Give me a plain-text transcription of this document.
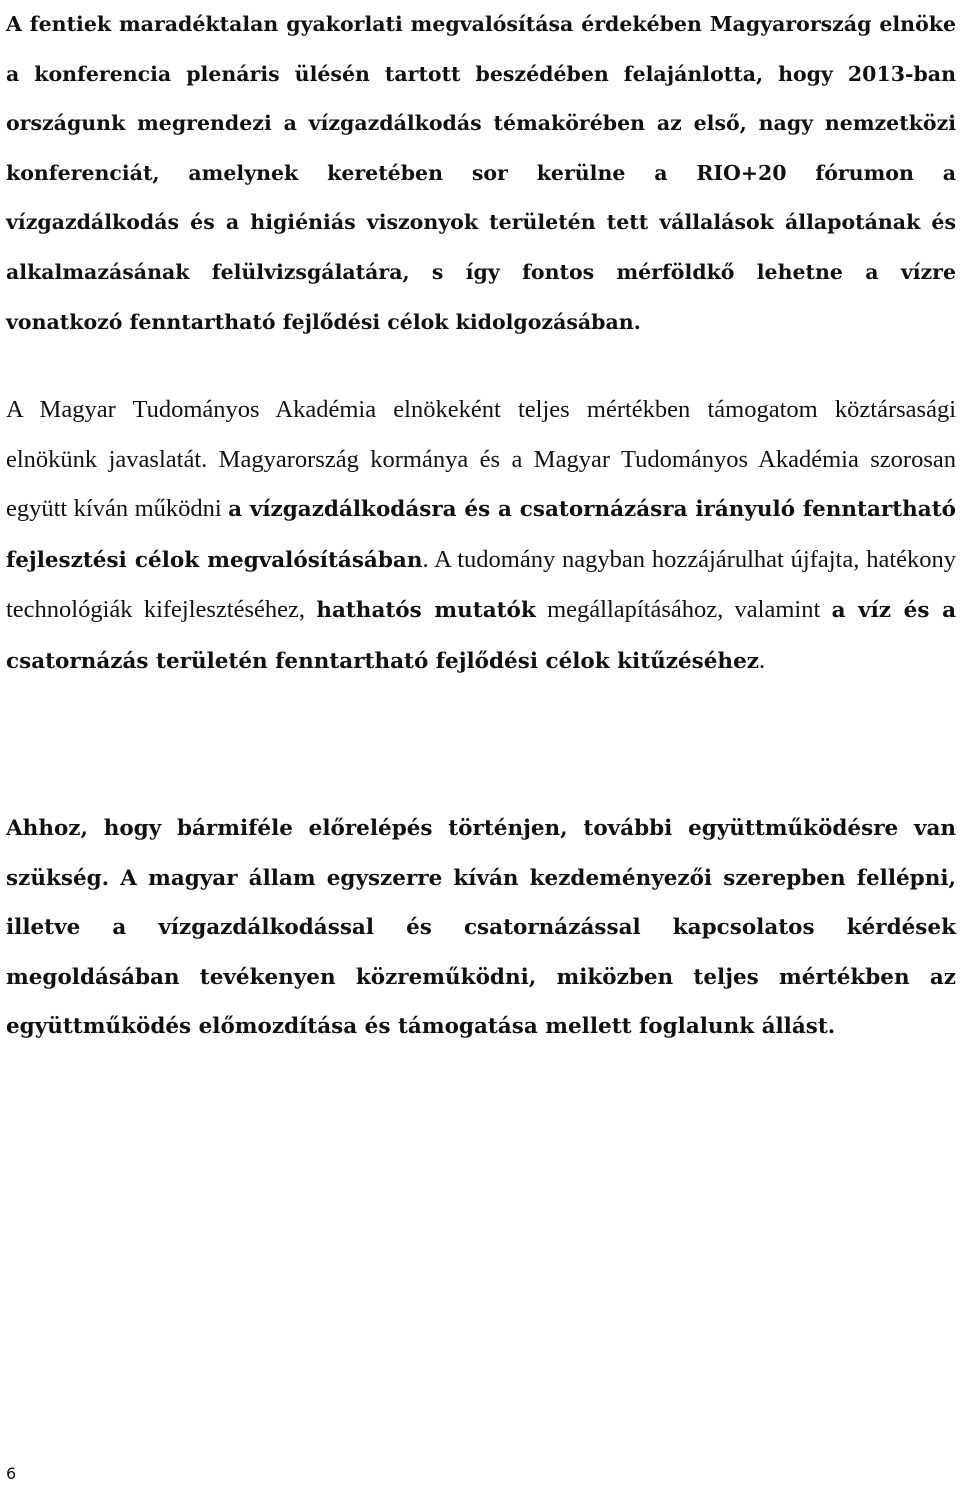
A fentiek maradéktalan gyakorlati megvalósítása érdekében Magyarország elnöke a konferencia plenáris ülésén tartott beszédében felajánlotta, hogy 2013-ban országunk megrendezi a vízgazdálkodás témakörében az első, nagy nemzetközi konferenciát, amelynek keretében sor kerülne a RIO+20 fórumon a vízgazdálkodás és a higiéniás viszonyok területén tett vállalások állapotának és alkalmazásának felülvizsgálatára, s így fontos mérföldkő lehetne a vízre vonatkozó fenntartható fejlődési célok kidolgozásában.

A Magyar Tudományos Akadémia elnökeként teljes mértékben támogatom köztársasági elnökünk javaslatát. Magyarország kormánya és a Magyar Tudományos Akadémia szorosan együtt kíván működni a vízgazdálkodásra és a csatornázásra irányuló fenntartható fejlesztési célok megvalósításában. A tudomány nagyban hozzájárulhat újfajta, hatékony technológiák kifejlesztéséhez, hathatós mutatók megállapításához, valamint a víz és a csatornázás területén fenntartható fejlődési célok kitűzéséhez.

Ahhoz, hogy bármiféle előrelépés történjen, további együttműködésre van szükség. A magyar állam egyszerre kíván kezdeményezői szerepben fellépni, illetve a vízgazdálkodással és csatornázással kapcsolatos kérdések megoldásában tevékenyen közreműködni, miközben teljes mértékben az együttműködés előmozdítása és támogatása mellett foglalunk állást.

6
